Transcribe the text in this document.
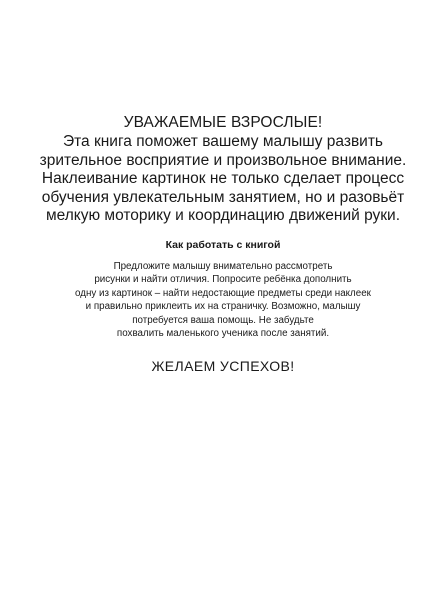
УВАЖАЕМЫЕ ВЗРОСЛЫЕ!
Эта книга поможет вашему малышу развить
зрительное восприятие и произвольное внимание.
Наклеивание картинок не только сделает процесс
обучения увлекательным занятием, но и разовьёт
мелкую моторику и координацию движений руки.
Как работать с книгой
Предложите малышу внимательно рассмотреть
рисунки и найти отличия. Попросите ребёнка дополнить
одну из картинок – найти недостающие предметы среди наклеек
и правильно приклеить их на страничку. Возможно, малышу
потребуется ваша помощь. Не забудьте
похвалить маленького ученика после занятий.
ЖЕЛАЕМ УСПЕХОВ!
